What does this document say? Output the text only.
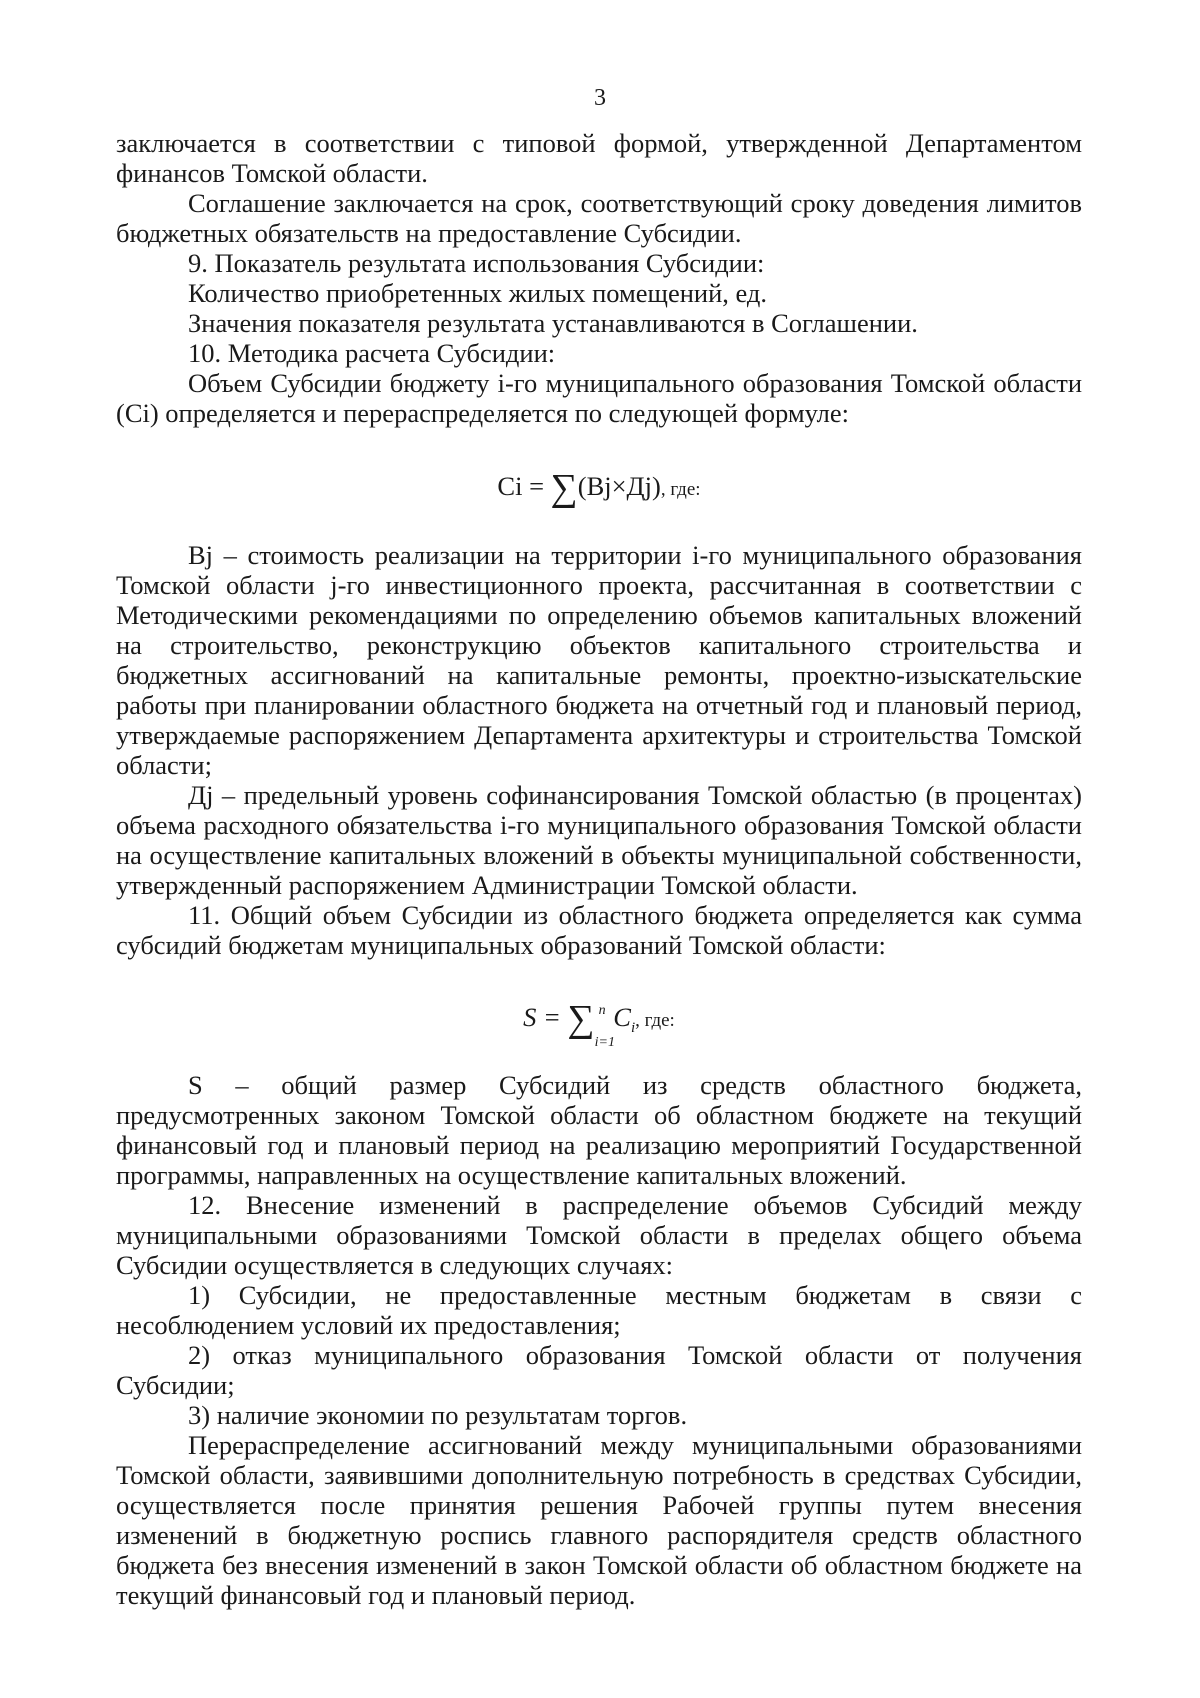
3

заключается в соответствии с типовой формой, утвержденной Департаментом финансов Томской области.

Соглашение заключается на срок, соответствующий сроку доведения лимитов бюджетных обязательств на предоставление Субсидии.

9. Показатель результата использования Субсидии:

Количество приобретенных жилых помещений, ед.

Значения показателя результата устанавливаются в Соглашении.

10. Методика расчета Субсидии:

Объем Субсидии бюджету i-го муниципального образования Томской области (Ci) определяется и перераспределяется по следующей формуле:

Ci = ∑(Bj×Дj), где:

Bj – стоимость реализации на территории i-го муниципального образования Томской области j-го инвестиционного проекта, рассчитанная в соответствии с Методическими рекомендациями по определению объемов капитальных вложений на строительство, реконструкцию объектов капитального строительства и бюджетных ассигнований на капитальные ремонты, проектно-изыскательские работы при планировании областного бюджета на отчетный год и плановый период, утверждаемые распоряжением Департамента архитектуры и строительства Томской области;

Дj – предельный уровень софинансирования Томской областью (в процентах) объема расходного обязательства i-го муниципального образования Томской области на осуществление капитальных вложений в объекты муниципальной собственности, утвержденный распоряжением Администрации Томской области.

11. Общий объем Субсидии из областного бюджета определяется как сумма субсидий бюджетам муниципальных образований Томской области:

S = ∑ n
i=1
$C_i$, где:

S – общий размер Субсидий из средств областного бюджета, предусмотренных законом Томской области об областном бюджете на текущий финансовый год и плановый период на реализацию мероприятий Государственной программы, направленных на осуществление капитальных вложений.

12. Внесение изменений в распределение объемов Субсидий между муниципальными образованиями Томской области в пределах общего объема Субсидии осуществляется в следующих случаях:

1) Субсидии, не предоставленные местным бюджетам в связи с несоблюдением условий их предоставления;

2) отказ муниципального образования Томской области от получения Субсидии;

3) наличие экономии по результатам торгов.

Перераспределение ассигнований между муниципальными образованиями Томской области, заявившими дополнительную потребность в средствах Субсидии, осуществляется после принятия решения Рабочей группы путем внесения изменений в бюджетную роспись главного распорядителя средств областного бюджета без внесения изменений в закон Томской области об областном бюджете на текущий финансовый год и плановый период.
